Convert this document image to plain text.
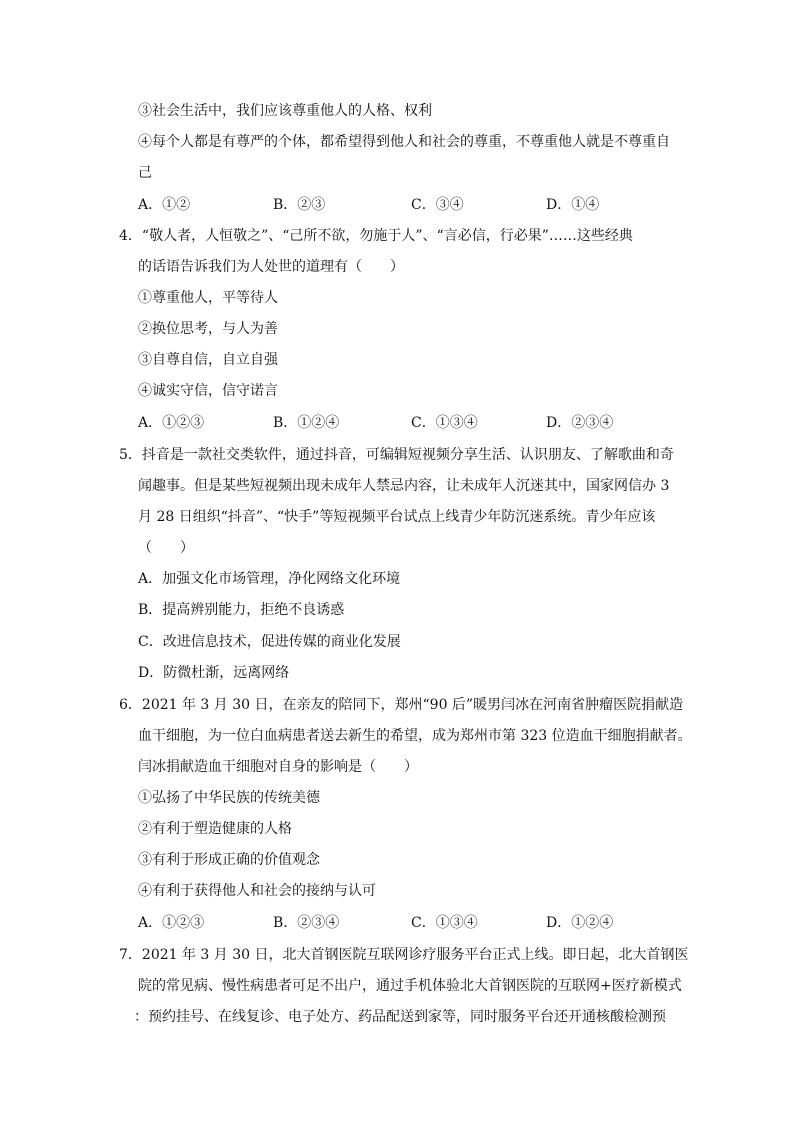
③社会生活中，我们应该尊重他人的人格、权利
④每个人都是有尊严的个体，都希望得到他人和社会的尊重，不尊重他人就是不尊重自
己
A．①②	B．②③	C．③④	D．①④
4．“敬人者，人恒敬之”、“己所不欲，勿施于人”、“言必信，行必果”……这些经典
的话语告诉我们为人处世的道理有（　　）
①尊重他人，平等待人
②换位思考，与人为善
③自尊自信，自立自强
④诚实守信，信守诺言
A．①②③	B．①②④	C．①③④	D．②③④
5．抖音是一款社交类软件，通过抖音，可编辑短视频分享生活、认识朋友、了解歌曲和奇
闻趣事。但是某些短视频出现未成年人禁忌内容，让未成年人沉迷其中，国家网信办 3
月 28 日组织“抖音”、“快手”等短视频平台试点上线青少年防沉迷系统。青少年应该
（　　）
A．加强文化市场管理，净化网络文化环境
B．提高辨别能力，拒绝不良诱惑
C．改进信息技术，促进传媒的商业化发展
D．防微杜渐，远离网络
6．2021 年 3 月 30 日，在亲友的陪同下，郑州“90 后”暖男闫冰在河南省肿瘤医院捐献造
血干细胞，为一位白血病患者送去新生的希望，成为郑州市第 323 位造血干细胞捐献者。
闫冰捐献造血干细胞对自身的影响是（　　）
①弘扬了中华民族的传统美德
②有利于塑造健康的人格
③有利于形成正确的价值观念
④有利于获得他人和社会的接纳与认可
A．①②③	B．②③④	C．①③④	D．①②④
7．2021 年 3 月 30 日，北大首钢医院互联网诊疗服务平台正式上线。即日起，北大首钢医
院的常见病、慢性病患者可足不出户，通过手机体验北大首钢医院的互联网+医疗新模式
：预约挂号、在线复诊、电子处方、药品配送到家等，同时服务平台还开通核酸检测预
